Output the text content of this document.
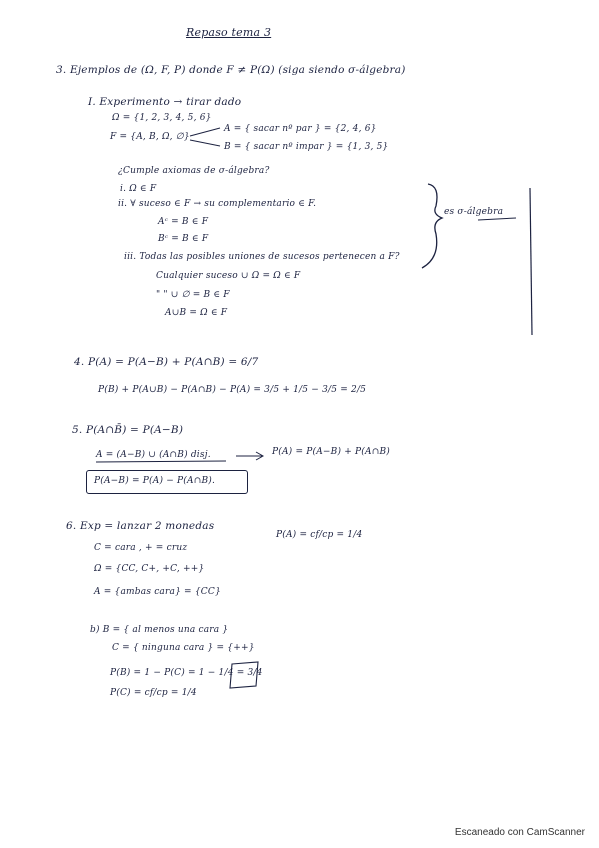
Repaso tema 3
3. Ejemplos de (Ω, F, P) donde F ≠ P(Ω) (siga siendo σ-álgebra)
I. Experimento → tirar dado
Ω = {1, 2, 3, 4, 5, 6}
F = {A, B, Ω, ∅}
A = { sacar nº par } = {2, 4, 6}
B = { sacar nº impar } = {1, 3, 5}
¿Cumple axiomas de σ-álgebra?
i. Ω ∈ F
ii. ∀ suceso ∈ F → su complementario ∈ F.
Aᶜ = B ∈ F
Bᶜ = B ∈ F
iii. Todas las posibles uniones de sucesos pertenecen a F?
Cualquier suceso ∪ Ω = Ω ∈ F
" " ∪ ∅ = B ∈ F
A∪B = Ω ∈ F
es σ-álgebra
4. P(A) = P(A−B) + P(A∩B) = 6/7
P(B) + P(A∪B) − P(A∩B) − P(A) = 3/5 + 1/5 − 3/5 = 2/5
5. P(A∩B̄) = P(A−B)
A = (A−B) ∪ (A∩B) disj.	P(A) = P(A−B) + P(A∩B)
P(A−B) = P(A) − P(A∩B).
6. Exp = lanzar 2 monedas
C = cara , + = cruz
Ω = {CC, C+, +C, ++}
A = {ambas cara} = {CC}
P(A) = cf/cp = 1/4
b) B = { al menos una cara }
C = { ninguna cara } = {++}
P(B) = 1 − P(C) = 1 − 1/4 = 3/4
P(C) = cf/cp = 1/4
Escaneado con CamScanner
